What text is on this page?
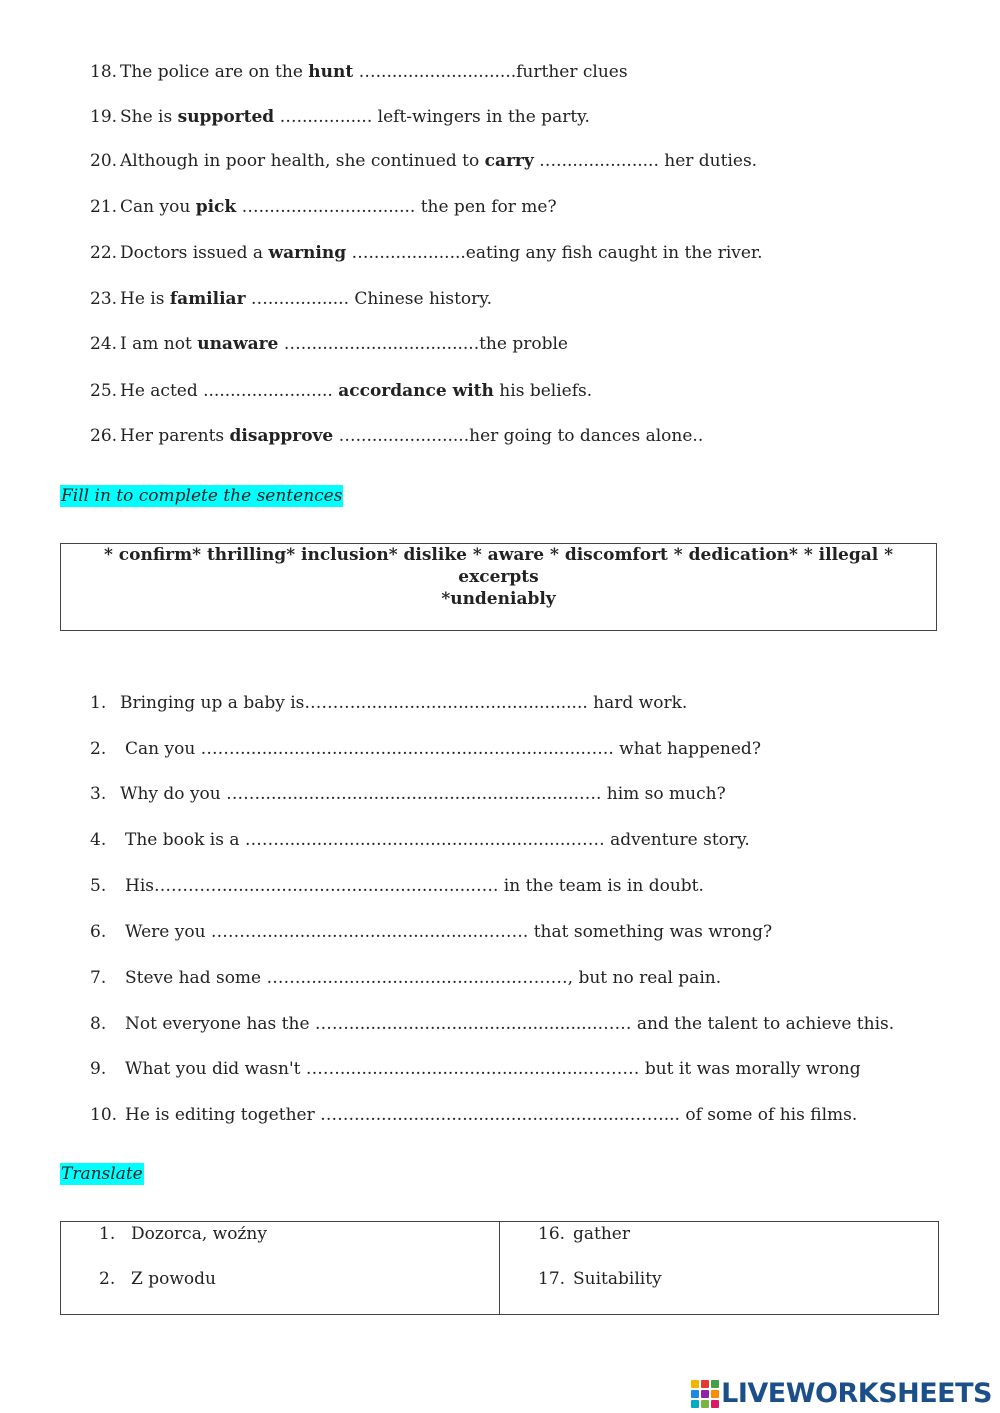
18. The police are on the hunt …..........................further clues
19. She is supported ….............. left-wingers in the party.
20. Although in poor health, she continued to carry …................... her duties.
21. Can you pick …............................. the pen for me?
22. Doctors issued a warning …..................eating any fish caught in the river.
23. He is familiar …............... Chinese history.
24. I am not unaware ….................................the proble
25. He acted ........................ accordance with his beliefs.
26. Her parents disapprove ….....................her going to dances alone..
Fill in to complete the sentences
* confirm* thrilling* inclusion* dislike * aware * discomfort * dedication* * illegal * excerpts
*undeniably
1. Bringing up a baby is………........................................... hard work.
2. Can you …….................................................................….. what happened?
3. Why do you ……...........................................................…. him so much?
4. The book is a ……......................................................…… adventure story.
5. His…………...............................................…. in the team is in doubt.
6. Were you ………..........................................……. that something was wrong?
7. Steve had some ……........................................………, but no real pain.
8. Not everyone has the ……..............................................…… and the talent to achieve this.
9. What you did wasn't ……..............................................……… but it was morally wrong
10. He is editing together ……...................................................……... of some of his films.
Translate
1. Dozorca, woźny
2. Z powodu
16. gather
17. Suitability
LIVEWORKSHEETS
